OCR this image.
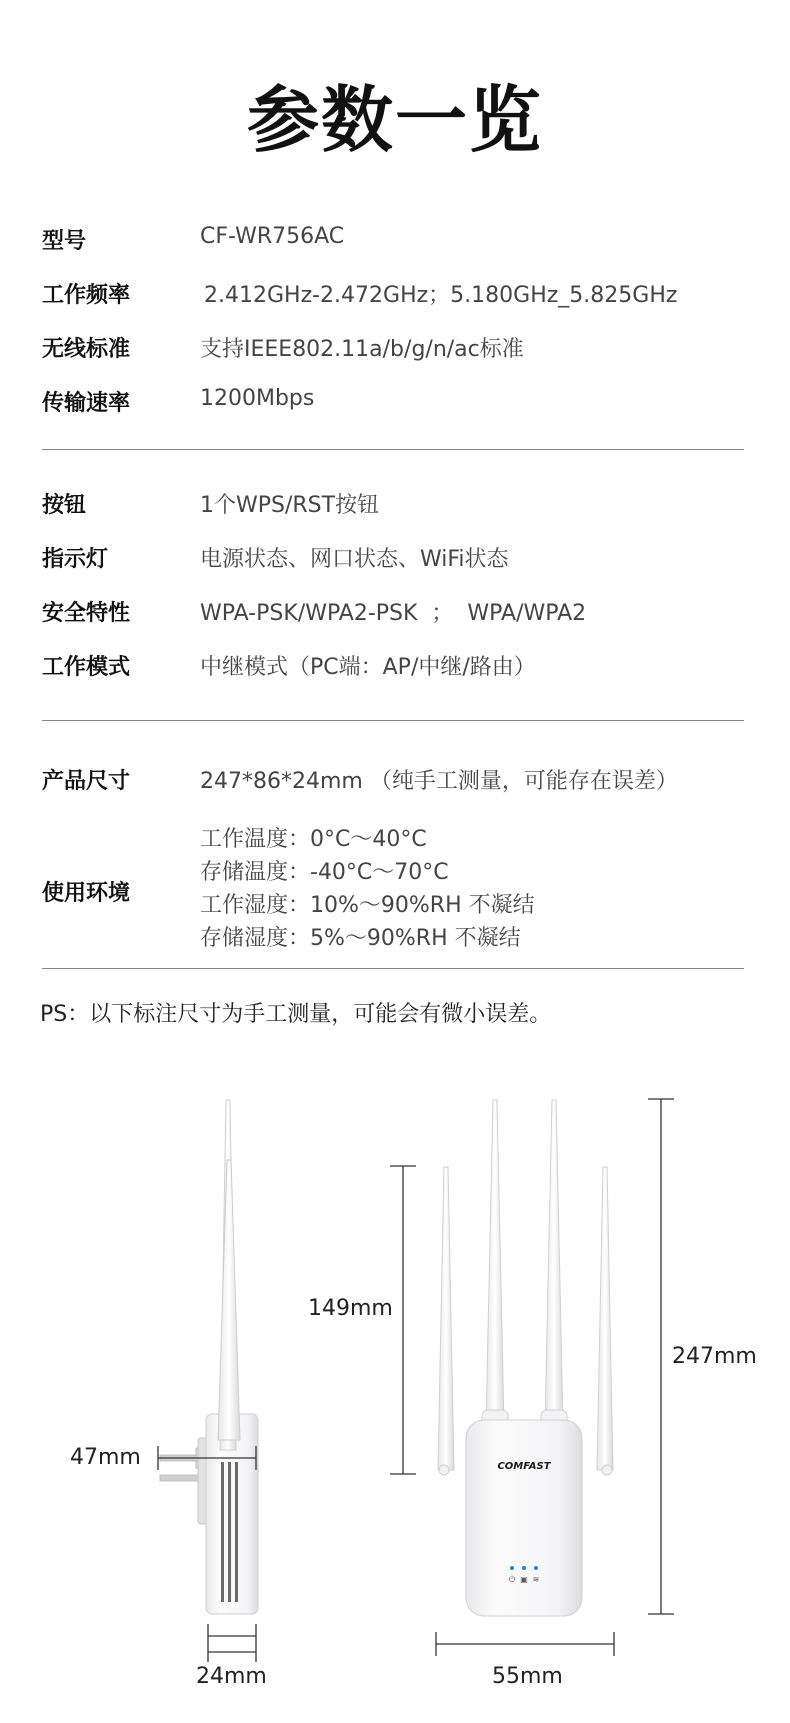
参数一览
型号	CF-WR756AC
工作频率	2.412GHz-2.472GHz；5.180GHz_5.825GHz
无线标准	支持IEEE802.11a/b/g/n/ac标准
传输速率	1200Mbps
按钮	1个WPS/RST按钮
指示灯	电源状态、网口状态、WiFi状态
安全特性	WPA-PSK/WPA2-PSK  ；  WPA/WPA2
工作模式	中继模式（PC端：AP/中继/路由）
产品尺寸	247*86*24mm （纯手工测量，可能存在误差）
使用环境
工作温度：0°C～40°C
存储温度：-40°C～70°C
工作湿度：10%～90%RH 不凝结
存储湿度：5%～90%RH 不凝结
PS：以下标注尺寸为手工测量，可能会有微小误差。
COMFAST
⏻ ▣ ≋
47mm
24mm
149mm
247mm
55mm
